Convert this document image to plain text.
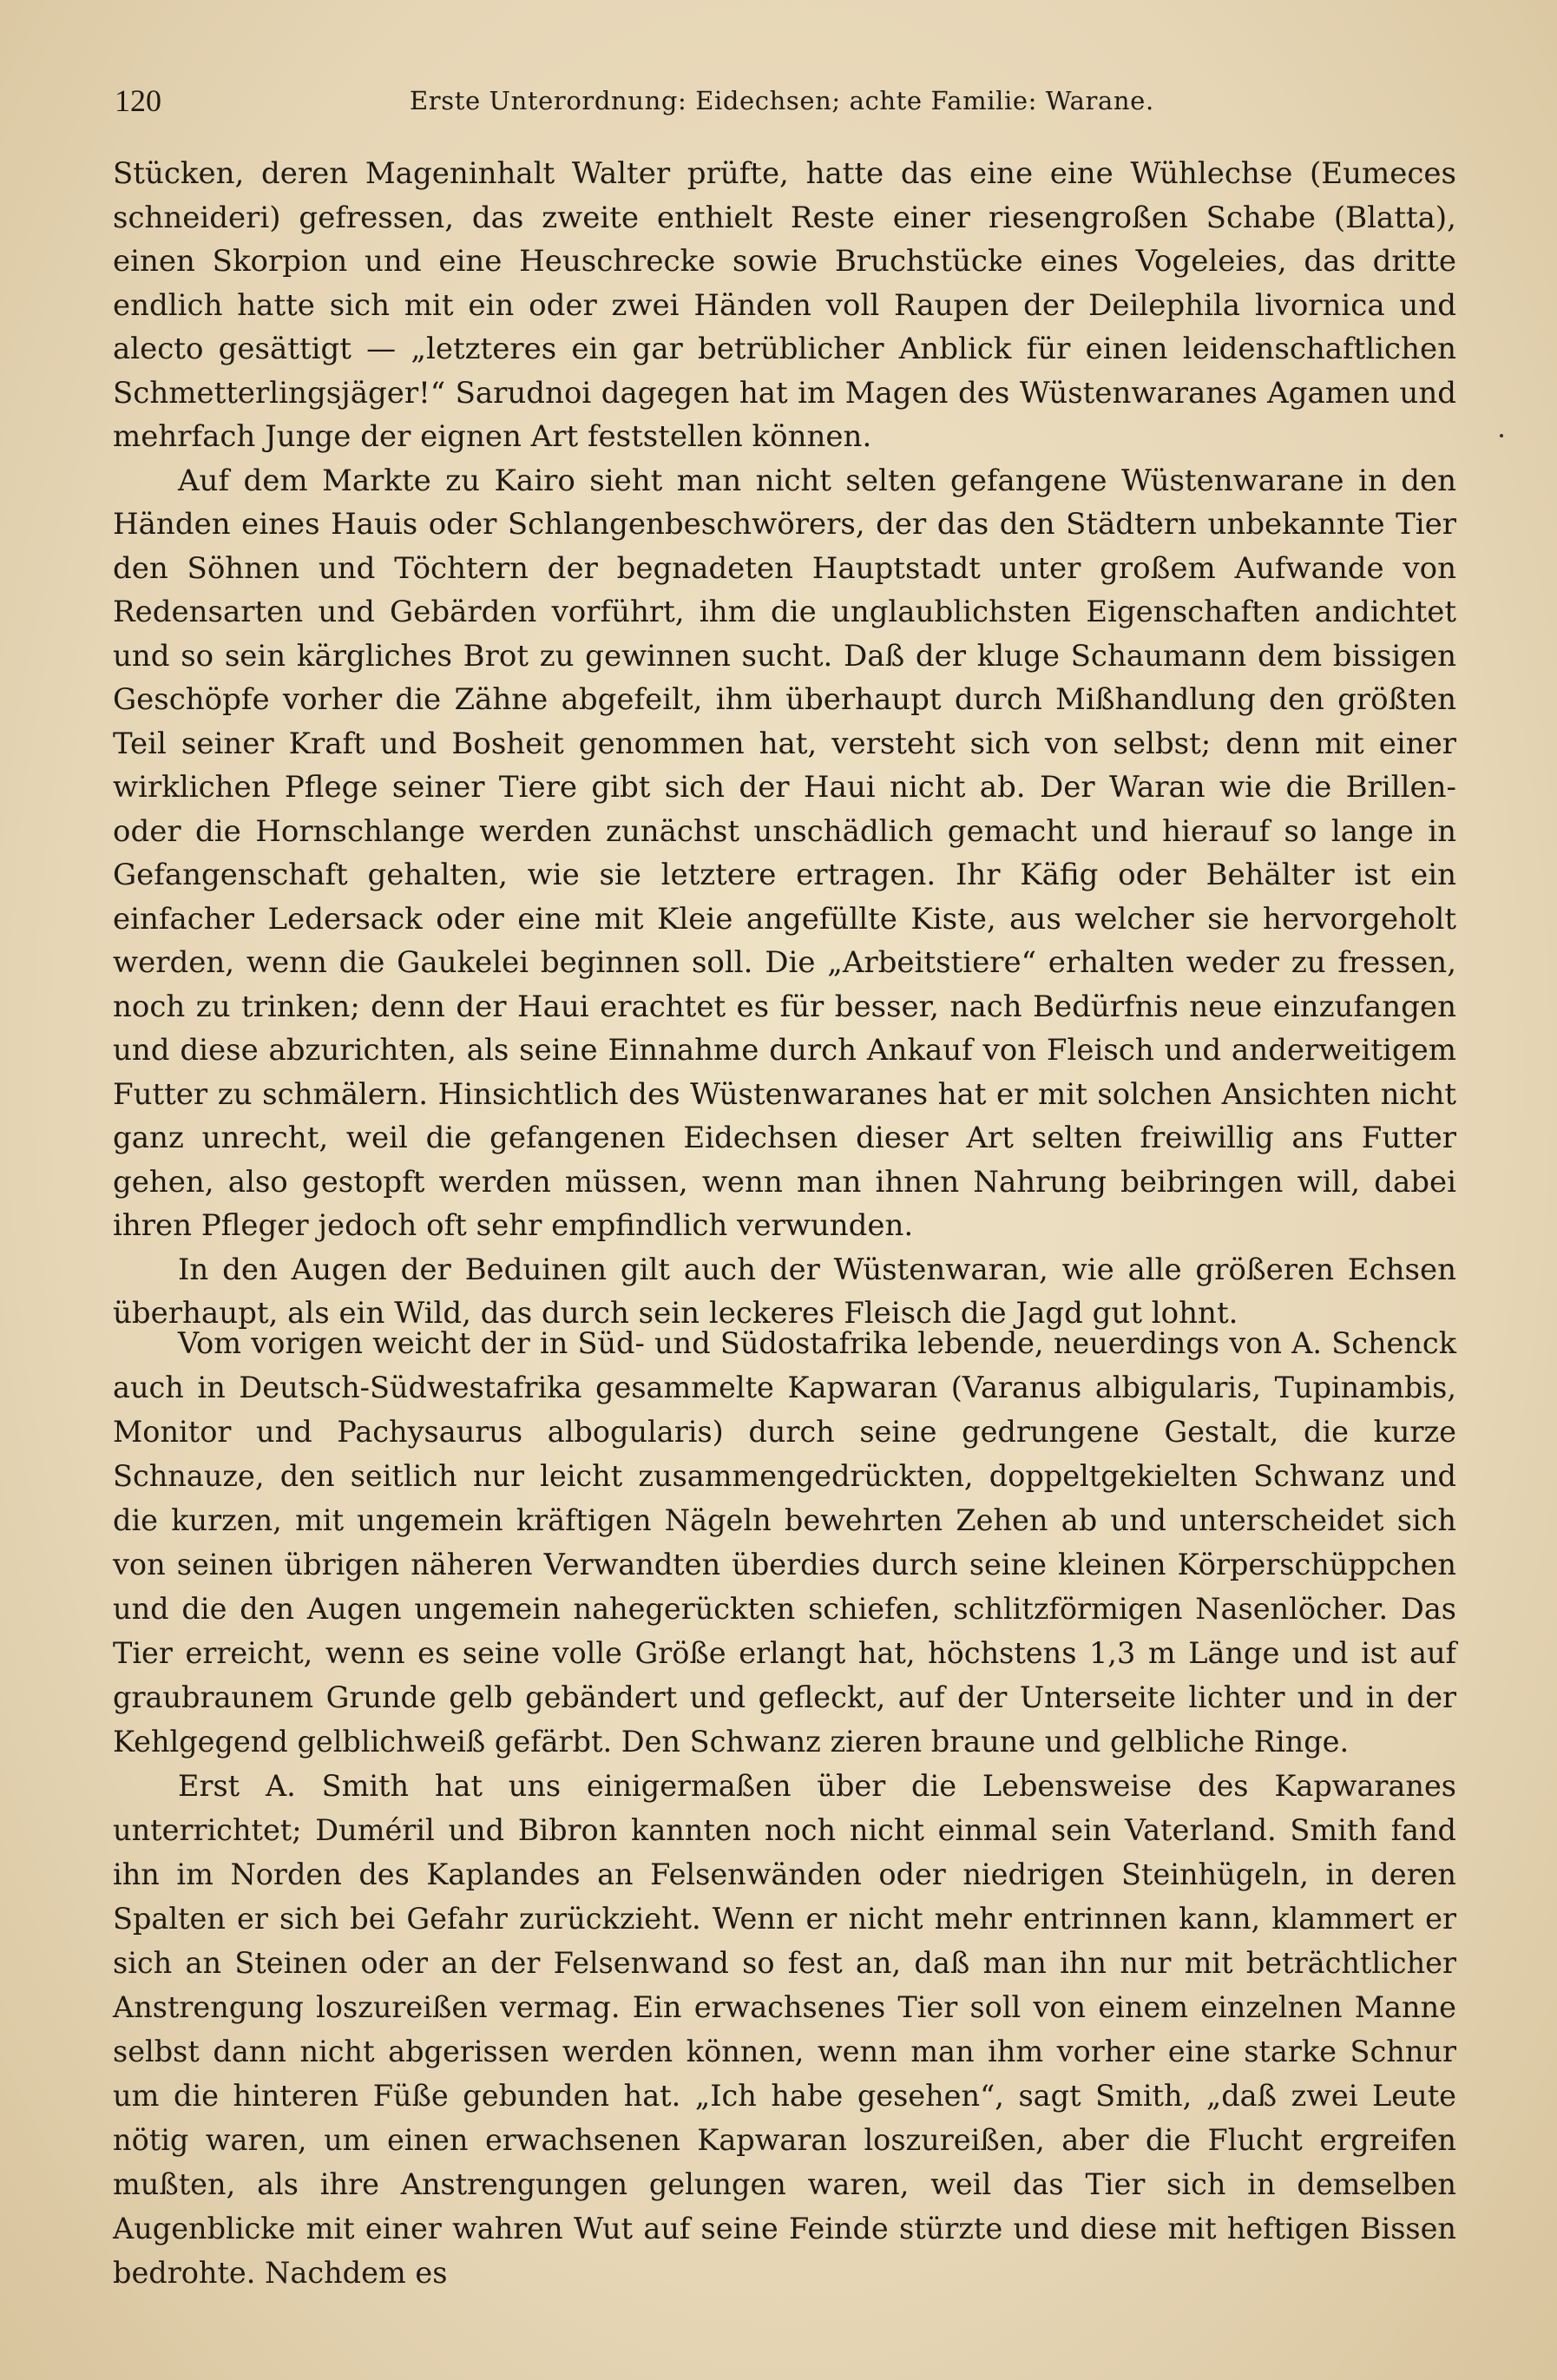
120	Erste Unterordnung: Eidechsen; achte Familie: Warane.

Stücken, deren Mageninhalt Walter prüfte, hatte das eine eine Wühlechse (Eumeces schneideri) gefressen, das zweite enthielt Reste einer riesengroßen Schabe (Blatta), einen Skorpion und eine Heuschrecke sowie Bruchstücke eines Vogeleies, das dritte endlich hatte sich mit ein oder zwei Händen voll Raupen der Deilephila livornica und alecto gesättigt — „letzteres ein gar betrüblicher Anblick für einen leidenschaftlichen Schmetterlingsjäger!“ Sarudnoi dagegen hat im Magen des Wüstenwaranes Agamen und mehrfach Junge der eignen Art feststellen können.

Auf dem Markte zu Kairo sieht man nicht selten gefangene Wüstenwarane in den Händen eines Hauis oder Schlangenbeschwörers, der das den Städtern unbekannte Tier den Söhnen und Töchtern der begnadeten Hauptstadt unter großem Aufwande von Redensarten und Gebärden vorführt, ihm die unglaublichsten Eigenschaften andichtet und so sein kärgliches Brot zu gewinnen sucht. Daß der kluge Schaumann dem bissigen Geschöpfe vorher die Zähne abgefeilt, ihm überhaupt durch Mißhandlung den größten Teil seiner Kraft und Bosheit genommen hat, versteht sich von selbst; denn mit einer wirklichen Pflege seiner Tiere gibt sich der Haui nicht ab. Der Waran wie die Brillen- oder die Hornschlange werden zunächst unschädlich gemacht und hierauf so lange in Gefangenschaft gehalten, wie sie letztere ertragen. Ihr Käfig oder Behälter ist ein einfacher Ledersack oder eine mit Kleie angefüllte Kiste, aus welcher sie hervorgeholt werden, wenn die Gaukelei beginnen soll. Die „Arbeitstiere“ erhalten weder zu fressen, noch zu trinken; denn der Haui erachtet es für besser, nach Bedürfnis neue einzufangen und diese abzurichten, als seine Einnahme durch Ankauf von Fleisch und anderweitigem Futter zu schmälern. Hinsichtlich des Wüstenwaranes hat er mit solchen Ansichten nicht ganz unrecht, weil die gefangenen Eidechsen dieser Art selten freiwillig ans Futter gehen, also gestopft werden müssen, wenn man ihnen Nahrung beibringen will, dabei ihren Pfleger jedoch oft sehr empfindlich verwunden.

In den Augen der Beduinen gilt auch der Wüstenwaran, wie alle größeren Echsen überhaupt, als ein Wild, das durch sein leckeres Fleisch die Jagd gut lohnt.

Vom vorigen weicht der in Süd- und Südostafrika lebende, neuerdings von A. Schenck auch in Deutsch-Südwestafrika gesammelte Kapwaran (Varanus albigularis, Tupinambis, Monitor und Pachysaurus albogularis) durch seine gedrungene Gestalt, die kurze Schnauze, den seitlich nur leicht zusammengedrückten, doppeltgekielten Schwanz und die kurzen, mit ungemein kräftigen Nägeln bewehrten Zehen ab und unterscheidet sich von seinen übrigen näheren Verwandten überdies durch seine kleinen Körperschüppchen und die den Augen ungemein nahegerückten schiefen, schlitzförmigen Nasenlöcher. Das Tier erreicht, wenn es seine volle Größe erlangt hat, höchstens 1,3 m Länge und ist auf graubraunem Grunde gelb gebändert und gefleckt, auf der Unterseite lichter und in der Kehlgegend gelblichweiß gefärbt. Den Schwanz zieren braune und gelbliche Ringe.

Erst A. Smith hat uns einigermaßen über die Lebensweise des Kapwaranes unterrichtet; Duméril und Bibron kannten noch nicht einmal sein Vaterland. Smith fand ihn im Norden des Kaplandes an Felsenwänden oder niedrigen Steinhügeln, in deren Spalten er sich bei Gefahr zurückzieht. Wenn er nicht mehr entrinnen kann, klammert er sich an Steinen oder an der Felsenwand so fest an, daß man ihn nur mit beträchtlicher Anstrengung loszureißen vermag. Ein erwachsenes Tier soll von einem einzelnen Manne selbst dann nicht abgerissen werden können, wenn man ihm vorher eine starke Schnur um die hinteren Füße gebunden hat. „Ich habe gesehen“, sagt Smith, „daß zwei Leute nötig waren, um einen erwachsenen Kapwaran loszureißen, aber die Flucht ergreifen mußten, als ihre Anstrengungen gelungen waren, weil das Tier sich in demselben Augenblicke mit einer wahren Wut auf seine Feinde stürzte und diese mit heftigen Bissen bedrohte. Nachdem es
